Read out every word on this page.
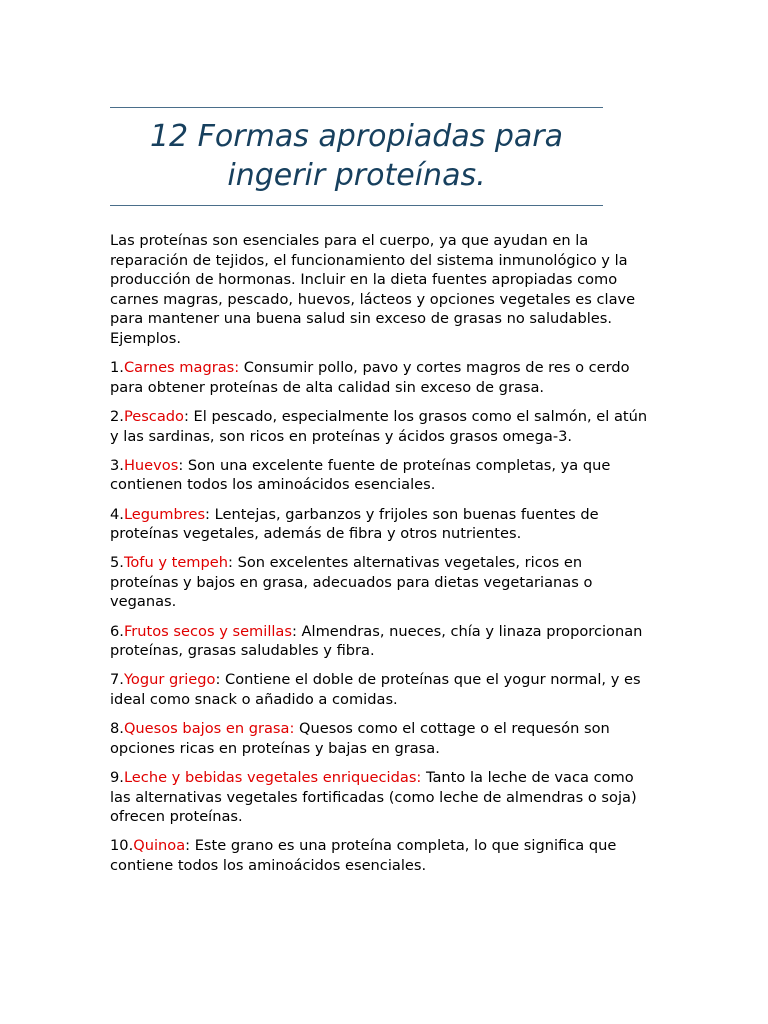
12 Formas apropiadas para
ingerir proteínas.

Las proteínas son esenciales para el cuerpo, ya que ayudan en la reparación de tejidos, el funcionamiento del sistema inmunológico y la producción de hormonas. Incluir en la dieta fuentes apropiadas como carnes magras, pescado, huevos, lácteos y opciones vegetales es clave para mantener una buena salud sin exceso de grasas no saludables. Ejemplos.

1.Carnes magras: Consumir pollo, pavo y cortes magros de res o cerdo para obtener proteínas de alta calidad sin exceso de grasa.

2.Pescado: El pescado, especialmente los grasos como el salmón, el atún y las sardinas, son ricos en proteínas y ácidos grasos omega-3.

3.Huevos: Son una excelente fuente de proteínas completas, ya que contienen todos los aminoácidos esenciales.

4.Legumbres: Lentejas, garbanzos y frijoles son buenas fuentes de proteínas vegetales, además de fibra y otros nutrientes.

5.Tofu y tempeh: Son excelentes alternativas vegetales, ricos en proteínas y bajos en grasa, adecuados para dietas vegetarianas o veganas.

6.Frutos secos y semillas: Almendras, nueces, chía y linaza proporcionan proteínas, grasas saludables y fibra.

7.Yogur griego: Contiene el doble de proteínas que el yogur normal, y es ideal como snack o añadido a comidas.

8.Quesos bajos en grasa: Quesos como el cottage o el requesón son opciones ricas en proteínas y bajas en grasa.

9.Leche y bebidas vegetales enriquecidas: Tanto la leche de vaca como las alternativas vegetales fortificadas (como leche de almendras o soja) ofrecen proteínas.

10.Quinoa: Este grano es una proteína completa, lo que significa que contiene todos los aminoácidos esenciales.
